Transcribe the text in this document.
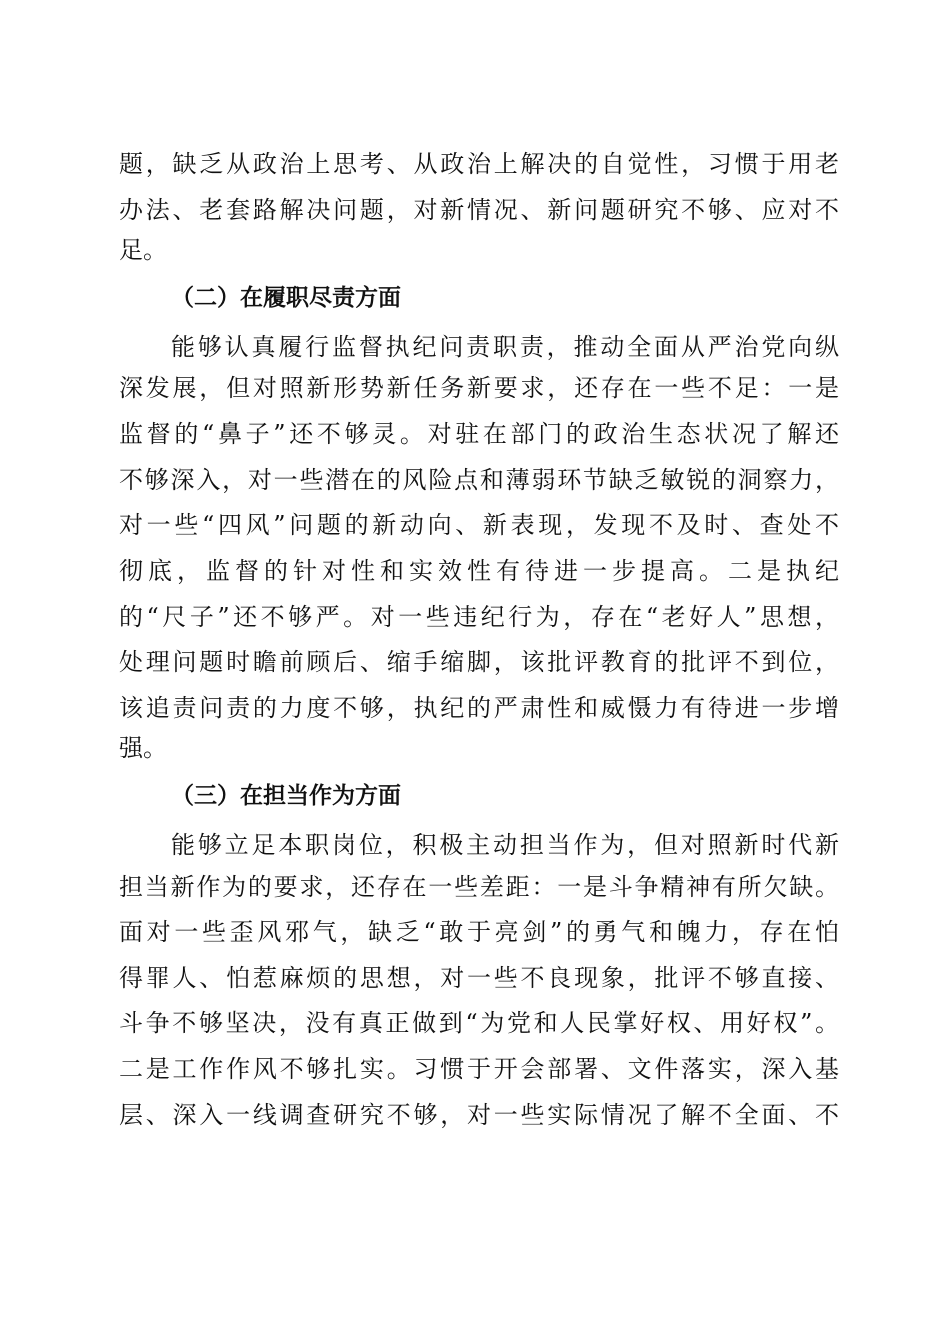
题，缺乏从政治上思考、从政治上解决的自觉性，习惯于用老
办法、老套路解决问题，对新情况、新问题研究不够、应对不
足。
（二）在履职尽责方面
能够认真履行监督执纪问责职责，推动全面从严治党向纵
深发展，但对照新形势新任务新要求，还存在一些不足：一是
监督的“鼻子”还不够灵。对驻在部门的政治生态状况了解还
不够深入，对一些潜在的风险点和薄弱环节缺乏敏锐的洞察力，
对一些“四风”问题的新动向、新表现，发现不及时、查处不
彻底，监督的针对性和实效性有待进一步提高。二是执纪
的“尺子”还不够严。对一些违纪行为，存在“老好人”思想，
处理问题时瞻前顾后、缩手缩脚，该批评教育的批评不到位，
该追责问责的力度不够，执纪的严肃性和威慑力有待进一步增
强。
（三）在担当作为方面
能够立足本职岗位，积极主动担当作为，但对照新时代新
担当新作为的要求，还存在一些差距：一是斗争精神有所欠缺。
面对一些歪风邪气，缺乏“敢于亮剑”的勇气和魄力，存在怕
得罪人、怕惹麻烦的思想，对一些不良现象，批评不够直接、
斗争不够坚决，没有真正做到“为党和人民掌好权、用好权”。
二是工作作风不够扎实。习惯于开会部署、文件落实，深入基
层、深入一线调查研究不够，对一些实际情况了解不全面、不
